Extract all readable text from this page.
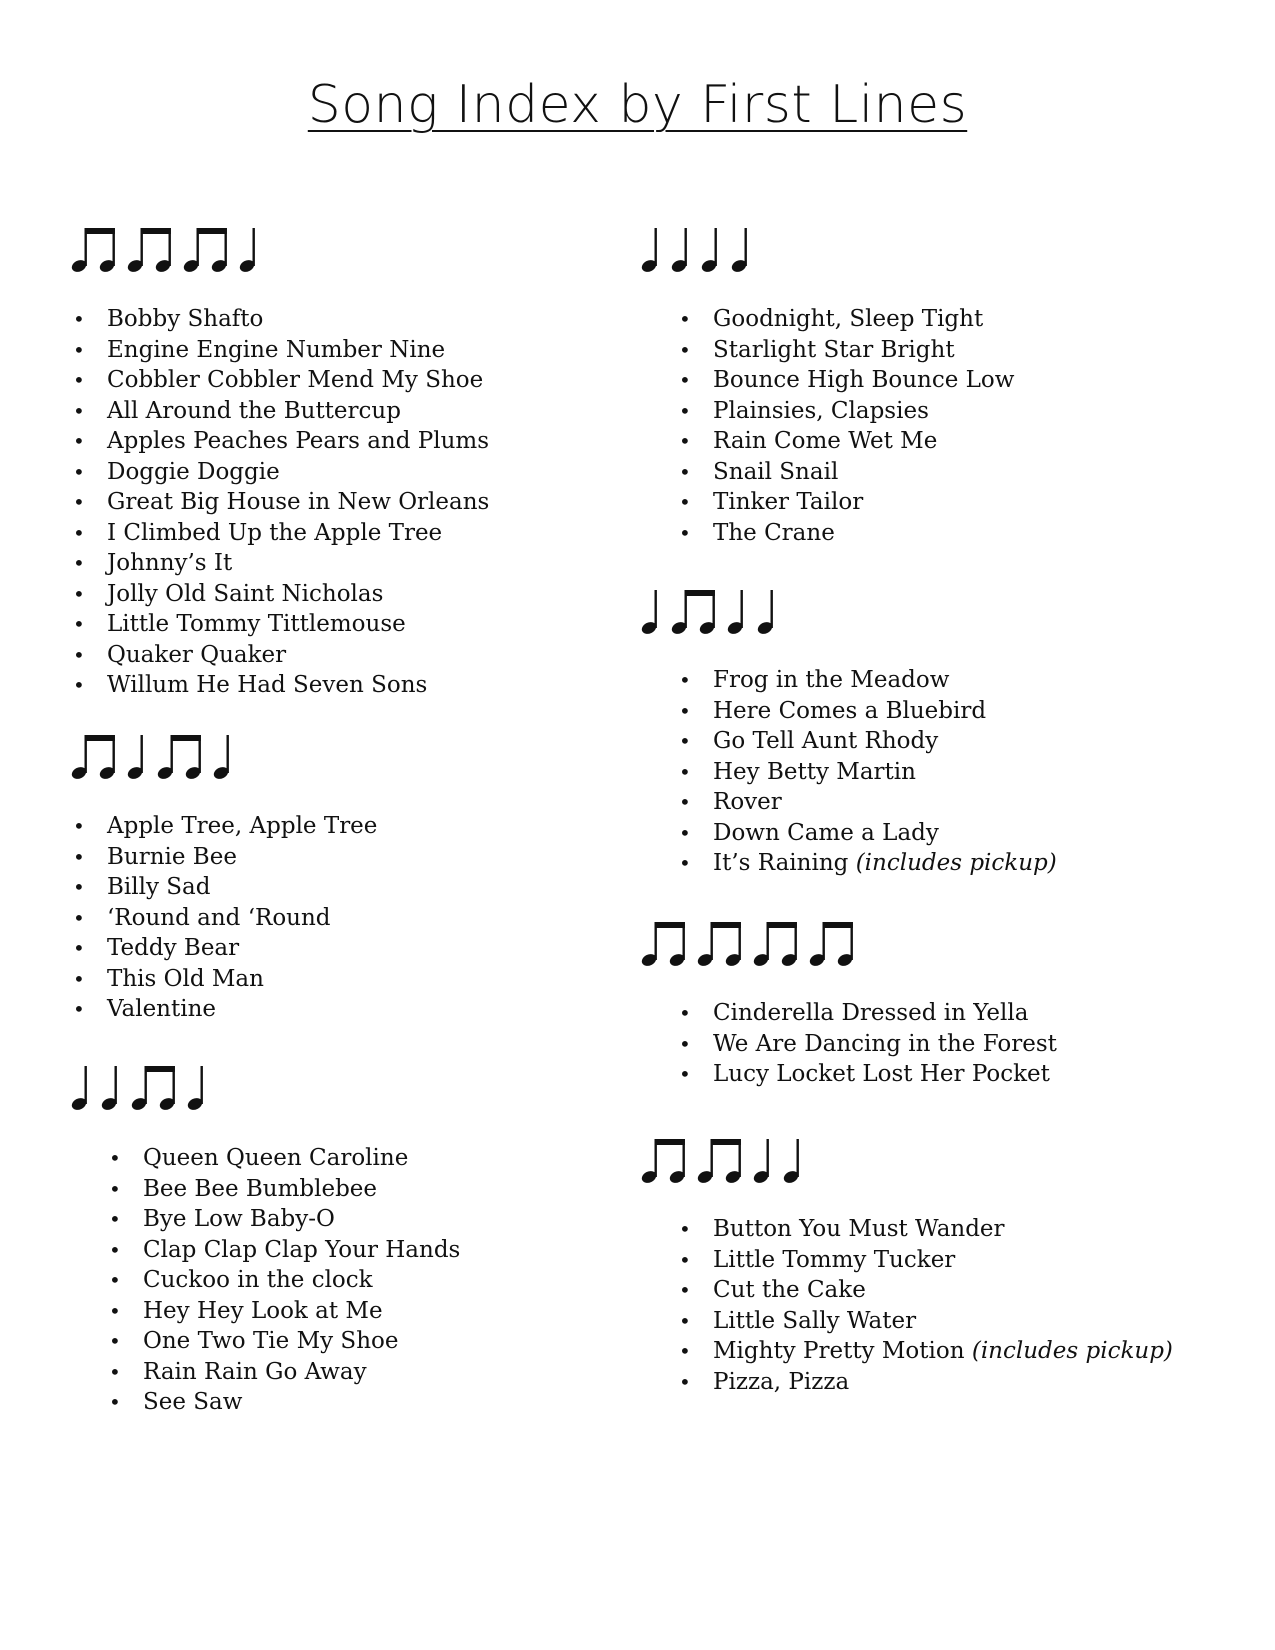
Song Index by First Lines
• Bobby Shafto
• Engine Engine Number Nine
• Cobbler Cobbler Mend My Shoe
• All Around the Buttercup
• Apples Peaches Pears and Plums
• Doggie Doggie
• Great Big House in New Orleans
• I Climbed Up the Apple Tree
• Johnny’s It
• Jolly Old Saint Nicholas
• Little Tommy Tittlemouse
• Quaker Quaker
• Willum He Had Seven Sons
• Apple Tree, Apple Tree
• Burnie Bee
• Billy Sad
• ‘Round and ‘Round
• Teddy Bear
• This Old Man
• Valentine
• Queen Queen Caroline
• Bee Bee Bumblebee
• Bye Low Baby-O
• Clap Clap Clap Your Hands
• Cuckoo in the clock
• Hey Hey Look at Me
• One Two Tie My Shoe
• Rain Rain Go Away
• See Saw
• Goodnight, Sleep Tight
• Starlight Star Bright
• Bounce High Bounce Low
• Plainsies, Clapsies
• Rain Come Wet Me
• Snail Snail
• Tinker Tailor
• The Crane
• Frog in the Meadow
• Here Comes a Bluebird
• Go Tell Aunt Rhody
• Hey Betty Martin
• Rover
• Down Came a Lady
• It’s Raining (includes pickup)
• Cinderella Dressed in Yella
• We Are Dancing in the Forest
• Lucy Locket Lost Her Pocket
• Button You Must Wander
• Little Tommy Tucker
• Cut the Cake
• Little Sally Water
• Mighty Pretty Motion (includes pickup)
• Pizza, Pizza
